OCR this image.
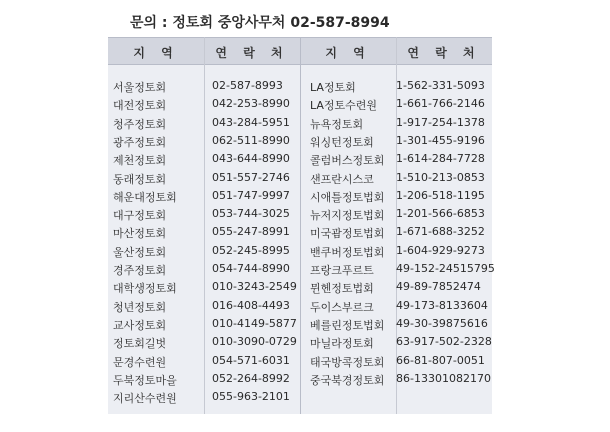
문의 : 정토회 중앙사무처 02-587-8994
지 역	연 락 처	지 역	연 락 처
서울정토회	02-587-8993
대전정토회	042-253-8990
청주정토회	043-284-5951
광주정토회	062-511-8990
제천정토회	043-644-8990
동래정토회	051-557-2746
해운대정토회	051-747-9997
대구정토회	053-744-3025
마산정토회	055-247-8991
울산정토회	052-245-8995
경주정토회	054-744-8990
대학생정토회	010-3243-2549
청년정토회	016-408-4493
교사정토회	010-4149-5877
정토회길벗	010-3090-0729
문경수련원	054-571-6031
두북정토마을	052-264-8992
지리산수련원	055-963-2101
LA정토회	1-562-331-5093
LA정토수련원 1-661-766-2146
뉴욕정토회	1-917-254-1378
워싱턴정토회 1-301-455-9196
콜럼버스정토회 1-614-284-7728
샌프란시스코 1-510-213-0853
시애틀정토법회 1-206-518-1195
뉴저지정토법회 1-201-566-6853
미국괌정토법회 1-671-688-3252
밴쿠버정토법회 1-604-929-9273
프랑크푸르트 49-152-24515795
뮌헨정토법회 49-89-7852474
두이스부르크 49-173-8133604
베를린정토법회 49-30-39875616
마닐라정토회 63-917-502-2328
태국방콕정토회 66-81-807-0051
중국북경정토회 86-13301082170
